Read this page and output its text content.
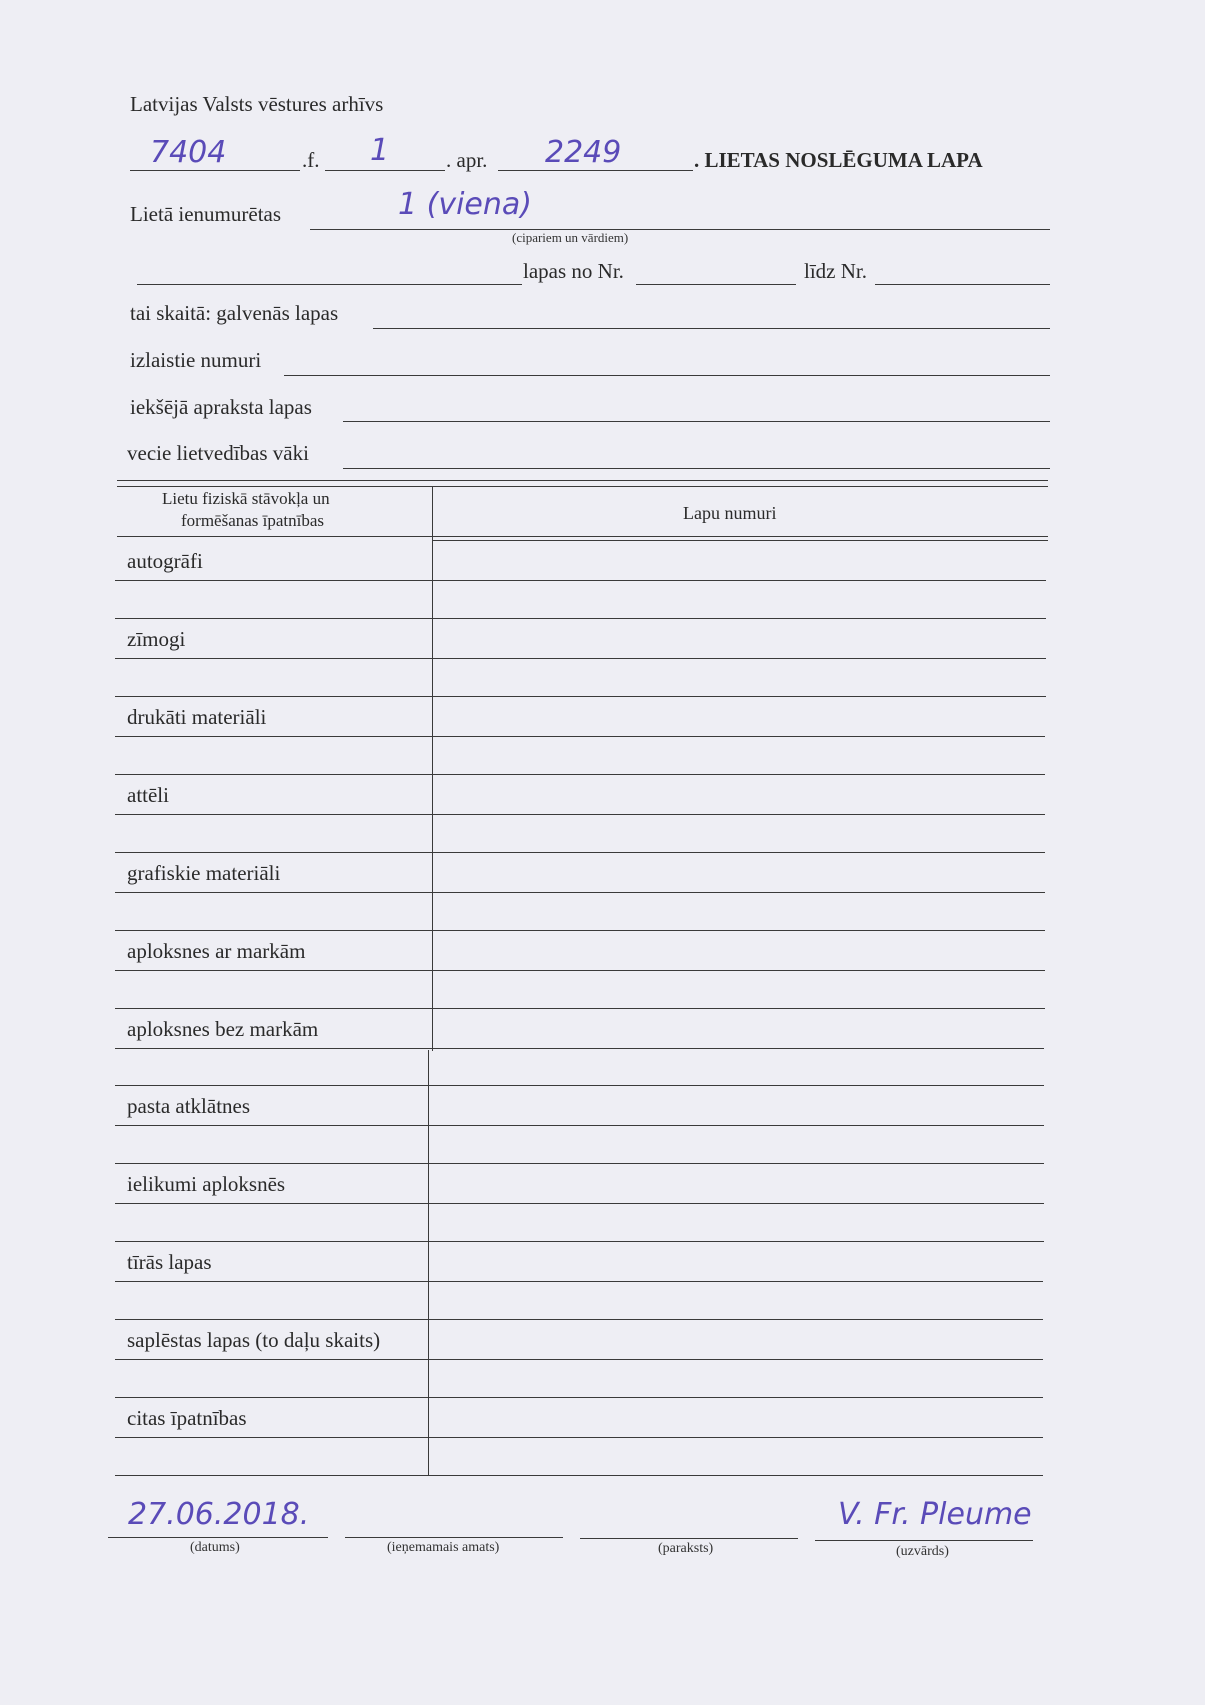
Latvijas Valsts vēstures arhīvs
7404	.f. 1	. apr. 2249	. LIETAS NOSLĒGUMA LAPA
Lietā ienumurētas	1 (viena)
(cipariem un vārdiem)
lapas no Nr.	līdz Nr.
tai skaitā: galvenās lapas
izlaistie numuri
iekšējā apraksta lapas
vecie lietvedības vāki
Lietu fiziskā stāvokļa un
formēšanas īpatnības	Lapu numuri
autogrāfi
zīmogi
drukāti materiāli
attēli
grafiskie materiāli
aploksnes ar markām
aploksnes bez markām
pasta atklātnes
ielikumi aploksnēs
tīrās lapas
saplēstas lapas (to daļu skaits)
citas īpatnības
27.06.2018.
(datums)	(ieņemamais amats)	(paraksts)
V. Fr. Pleume
(uzvārds)
